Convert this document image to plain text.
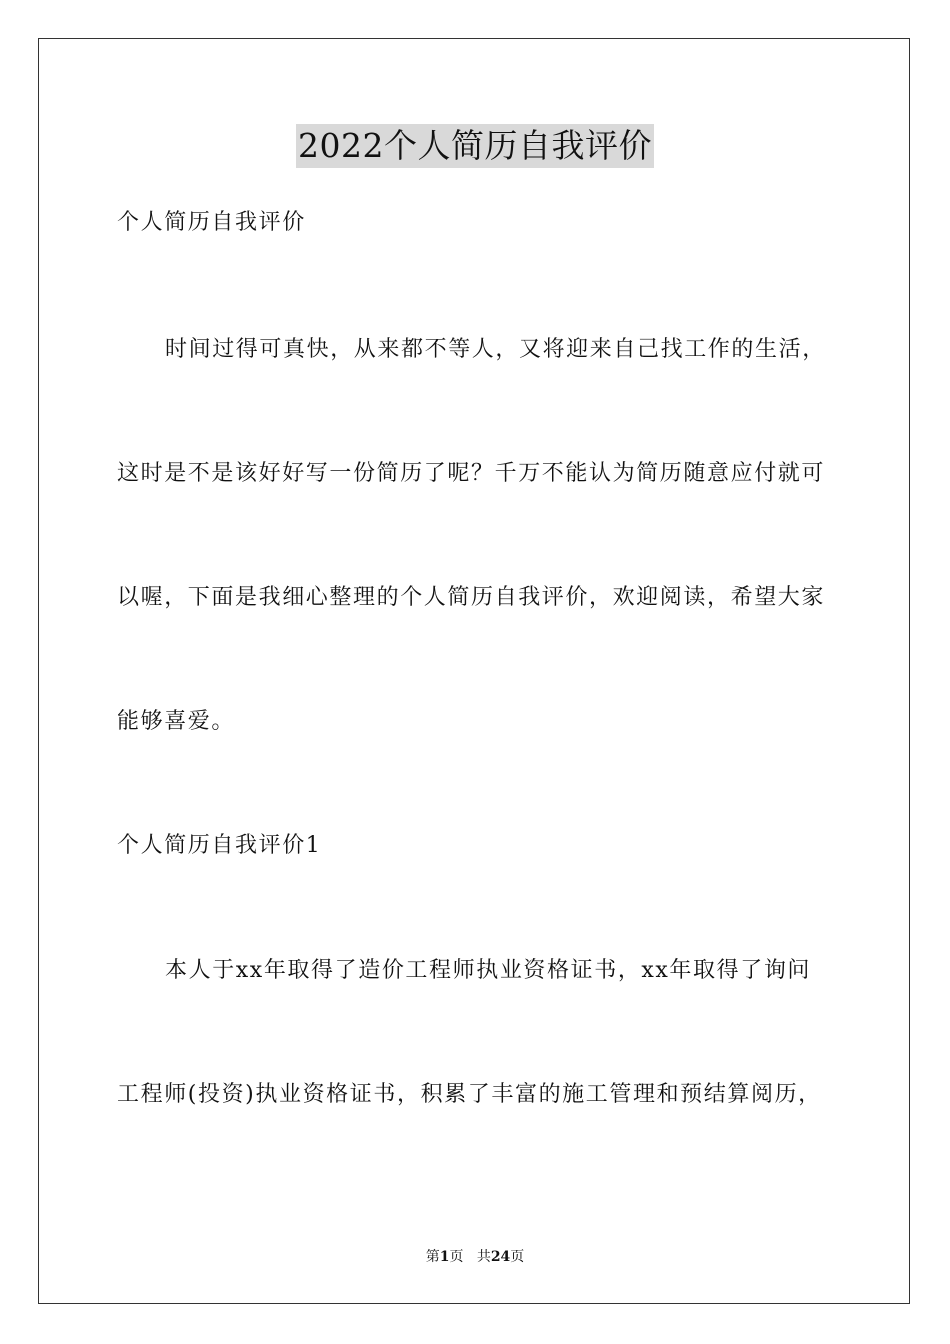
2022个人简历自我评价
个人简历自我评价
时间过得可真快，从来都不等人，又将迎来自己找工作的生活，
这时是不是该好好写一份简历了呢？千万不能认为简历随意应付就可
以喔，下面是我细心整理的个人简历自我评价，欢迎阅读，希望大家
能够喜爱。
个人简历自我评价1
本人于xx年取得了造价工程师执业资格证书，xx年取得了询问
工程师(投资)执业资格证书，积累了丰富的施工管理和预结算阅历，
第1页 共24页
